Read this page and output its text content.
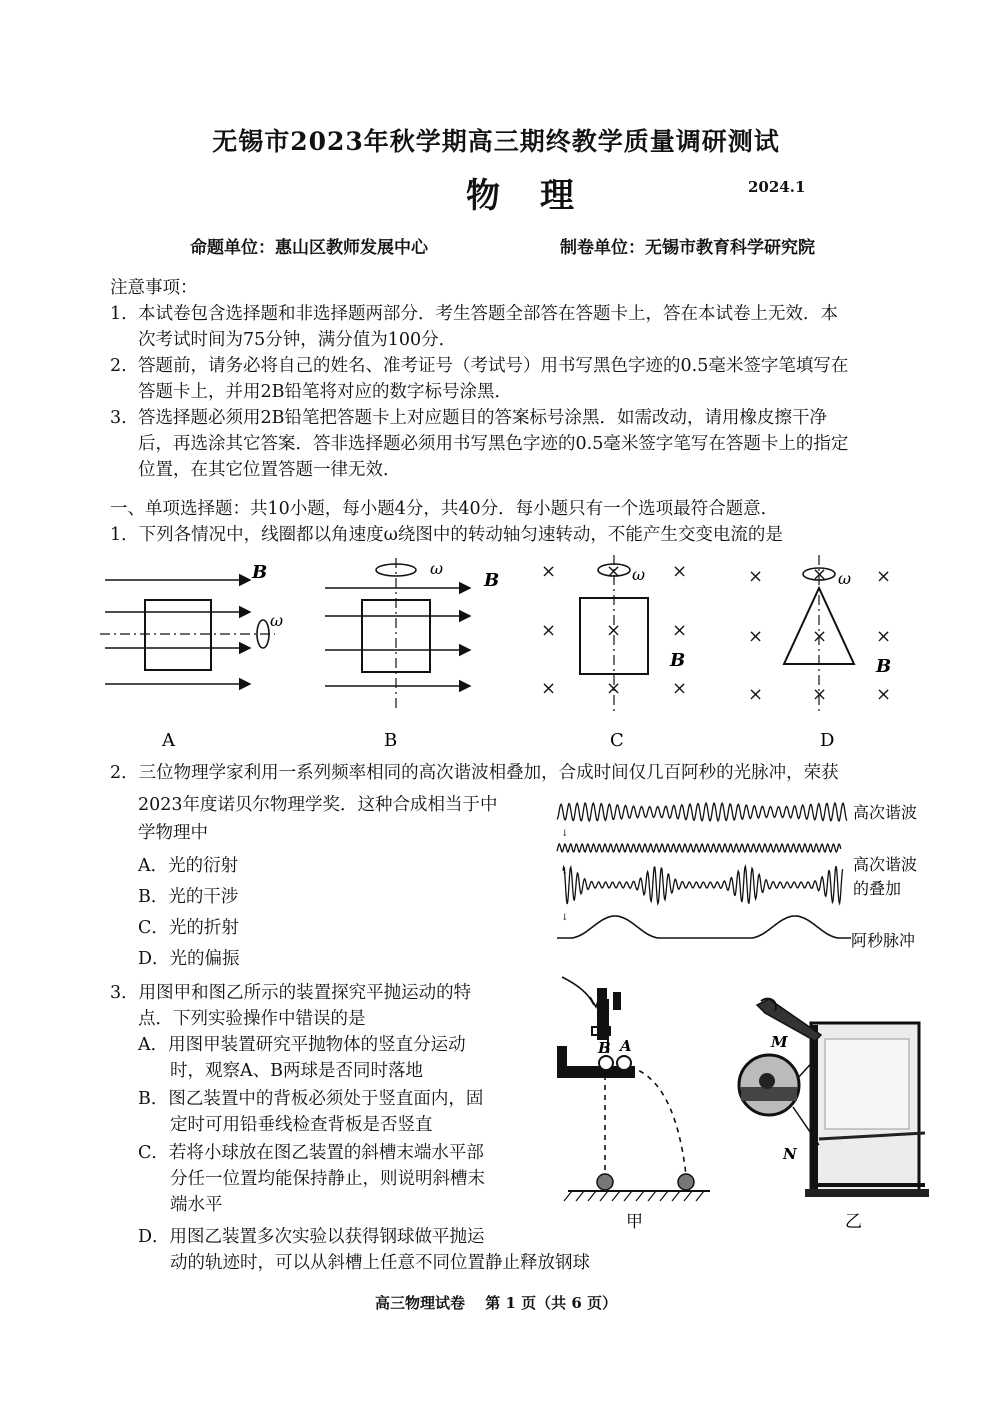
无锡市2023年秋学期高三期终教学质量调研测试
物理	2024.1
命题单位：惠山区教师发展中心	制卷单位：无锡市教育科学研究院
注意事项：
1. 本试卷包含选择题和非选择题两部分．考生答题全部答在答题卡上，答在本试卷上无效．本
次考试时间为75分钟，满分值为100分．
2. 答题前，请务必将自己的姓名、准考证号（考试号）用书写黑色字迹的0.5毫米签字笔填写在
答题卡上，并用2B铅笔将对应的数字标号涂黑．
3. 答选择题必须用2B铅笔把答题卡上对应题目的答案标号涂黑．如需改动，请用橡皮擦干净
后，再选涂其它答案．答非选择题必须用书写黑色字迹的0.5毫米签字笔写在答题卡上的指定
位置，在其它位置答题一律无效．
一、单项选择题：共10小题，每小题4分，共40分．每小题只有一个选项最符合题意．
1．下列各情况中，线圈都以角速度ω绕图中的转动轴匀速转动，不能产生交变电流的是
B
ω
A
ω
B
B
×	×
×	×
×	×
×
×
× ω
B
C
×	×
×	×
×	×
×
×
× ω
B
D
2．三位物理学家利用一系列频率相同的高次谐波相叠加，合成时间仅几百阿秒的光脉冲，荣获
2023年度诺贝尔物理学奖．这种合成相当于中
学物理中
A．光的衍射
B．光的干涉
C．光的折射
D．光的偏振
↓
↓
↓
高次谐波
高次谐波
的叠加
阿秒脉冲
3．用图甲和图乙所示的装置探究平抛运动的特
点．下列实验操作中错误的是
A．用图甲装置研究平抛物体的竖直分运动
时，观察A、B两球是否同时落地
B．图乙装置中的背板必须处于竖直面内，固
定时可用铅垂线检查背板是否竖直
C．若将小球放在图乙装置的斜槽末端水平部
分任一位置均能保持静止，则说明斜槽末
端水平
D．用图乙装置多次实验以获得钢球做平抛运
动的轨迹时，可以从斜槽上任意不同位置静止释放钢球
B A
甲
M
N
乙
高三物理试卷　 第 1 页（共 6 页）
